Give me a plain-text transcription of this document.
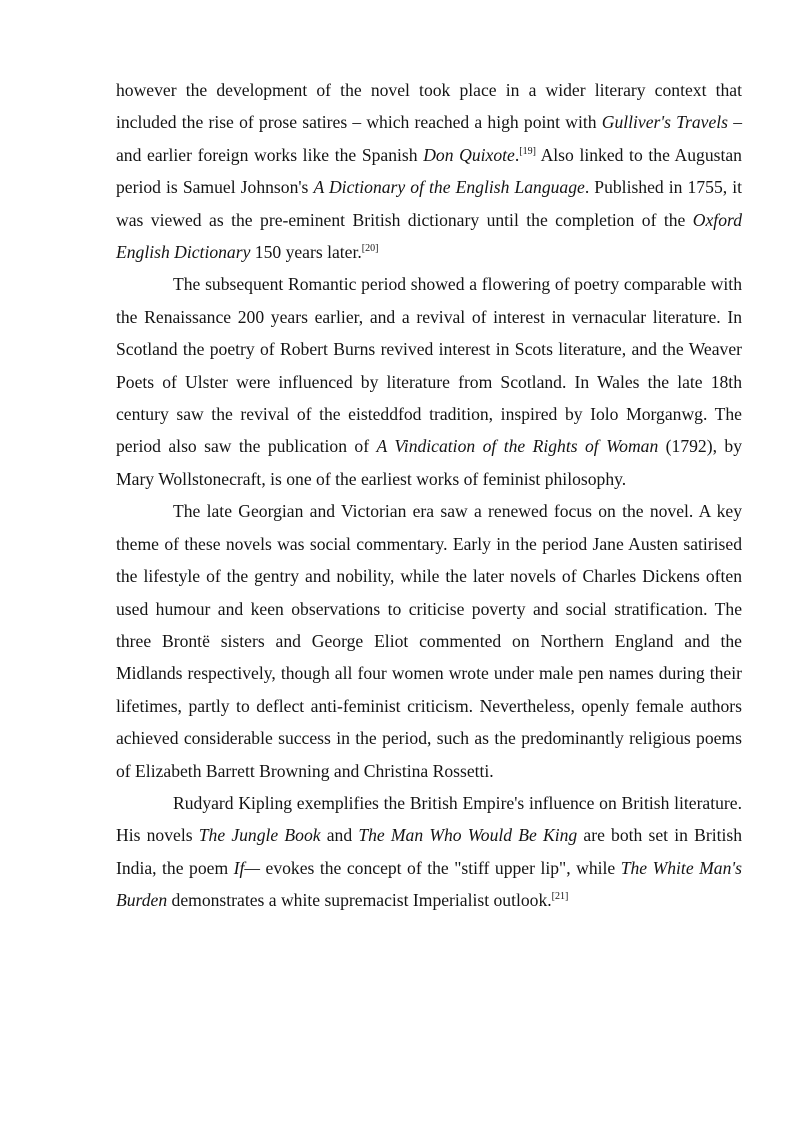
however the development of the novel took place in a wider literary context that included the rise of prose satires – which reached a high point with Gulliver's Travels – and earlier foreign works like the Spanish Don Quixote.[19] Also linked to the Augustan period is Samuel Johnson's A Dictionary of the English Language. Published in 1755, it was viewed as the pre-eminent British dictionary until the completion of the Oxford English Dictionary 150 years later.[20]

The subsequent Romantic period showed a flowering of poetry comparable with the Renaissance 200 years earlier, and a revival of interest in vernacular literature. In Scotland the poetry of Robert Burns revived interest in Scots literature, and the Weaver Poets of Ulster were influenced by literature from Scotland. In Wales the late 18th century saw the revival of the eisteddfod tradition, inspired by Iolo Morganwg. The period also saw the publication of A Vindication of the Rights of Woman (1792), by Mary Wollstonecraft, is one of the earliest works of feminist philosophy.

The late Georgian and Victorian era saw a renewed focus on the novel. A key theme of these novels was social commentary. Early in the period Jane Austen satirised the lifestyle of the gentry and nobility, while the later novels of Charles Dickens often used humour and keen observations to criticise poverty and social stratification. The three Brontë sisters and George Eliot commented on Northern England and the Midlands respectively, though all four women wrote under male pen names during their lifetimes, partly to deflect anti-feminist criticism. Nevertheless, openly female authors achieved considerable success in the period, such as the predominantly religious poems of Elizabeth Barrett Browning and Christina Rossetti.

Rudyard Kipling exemplifies the British Empire's influence on British literature. His novels The Jungle Book and The Man Who Would Be King are both set in British India, the poem If— evokes the concept of the "stiff upper lip", while The White Man's Burden demonstrates a white supremacist Imperialist outlook.[21]
